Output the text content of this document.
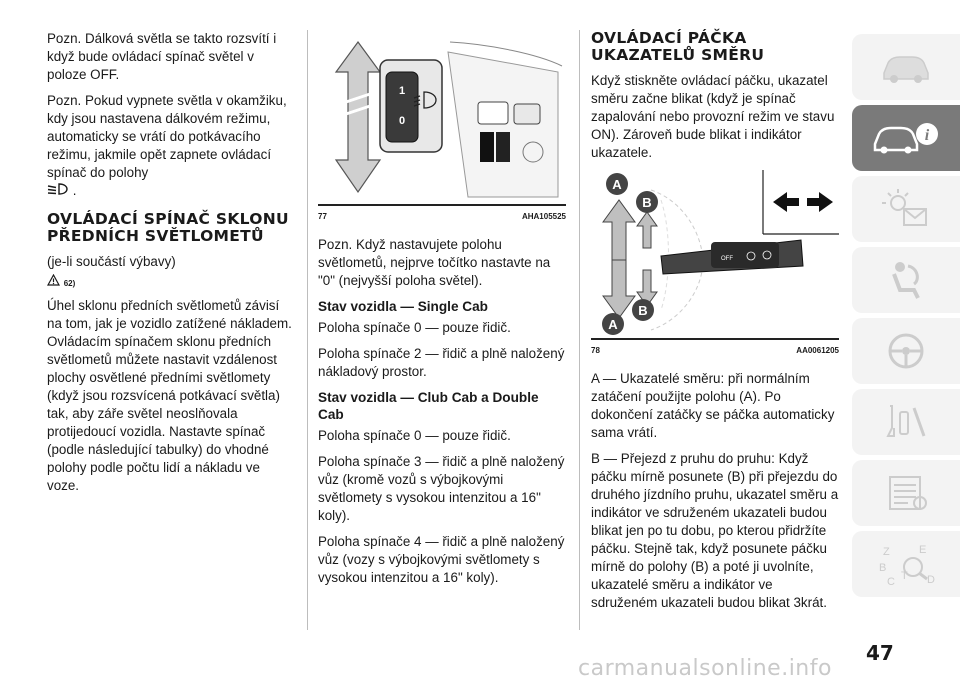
Pozn. Dálková světla se takto rozsvítí i když bude ovládací spínač světel v poloze OFF.

Pozn. Pokud vypnete světla v okamžiku, kdy jsou nastavena dálkovém režimu, automaticky se vrátí do potkávacího režimu, jakmile opět zapnete ovládací spínač do polohy
.

OVLÁDACÍ SPÍNAČ SKLONU PŘEDNÍCH SVĚTLOMETŮ

(je-li součástí výbavy)

62)

Úhel sklonu předních světlometů závisí na tom, jak je vozidlo zatížené nákladem. Ovládacím spínačem sklonu předních světlometů můžete nastavit vzdálenost plochy osvětlené předními světlomety (když jsou rozsvícená potkávací světla) tak, aby záře světel neoslňovala protijedoucí vozidla. Nastavte spínač (podle následující tabulky) do vhodné polohy podle počtu lidí a nákladu ve voze.

1
0
77	AHA105525

Pozn. Když nastavujete polohu světlometů, nejprve točítko nastavte na "0" (nejvyšší poloha světel).

Stav vozidla — Single Cab

Poloha spínače 0 — pouze řidič.

Poloha spínače 2 — řidič a plně naložený nákladový prostor.

Stav vozidla — Club Cab a Double Cab

Poloha spínače 0 — pouze řidič.

Poloha spínače 3 — řidič a plně naložený vůz (kromě vozů s výbojkovými světlomety s vysokou intenzitou a 16" koly).

Poloha spínače 4 — řidič a plně naložený vůz (vozy s výbojkovými světlomety s vysokou intenzitou a 16" koly).

OVLÁDACÍ PÁČKA UKAZATELŮ SMĚRU

Když stiskněte ovládací páčku, ukazatel směru začne blikat (když je spínač zapalování nebo provozní režim ve stavu ON). Zároveň bude blikat i indikátor ukazatele.

OFF
A
B
B
A
78	AA0061205

A — Ukazatelé směru: při normálním zatáčení použijte polohu (A). Po dokončení zatáčky se páčka automaticky sama vrátí.

B — Přejezd z pruhu do pruhu: Když páčku mírně posunete (B) při přejezdu do druhého jízdního pruhu, ukazatel směru a indikátor ve sdruženém ukazateli budou blikat jen po tu dobu, po kterou přidržíte páčku. Stejně tak, když posunete páčku mírně do polohy (B) a poté ji uvolníte, ukazatelé směru a indikátor ve sdruženém ukazateli budou blikat 3krát.

i
Z	E
B
C T D
47
carmanualsonline.info
